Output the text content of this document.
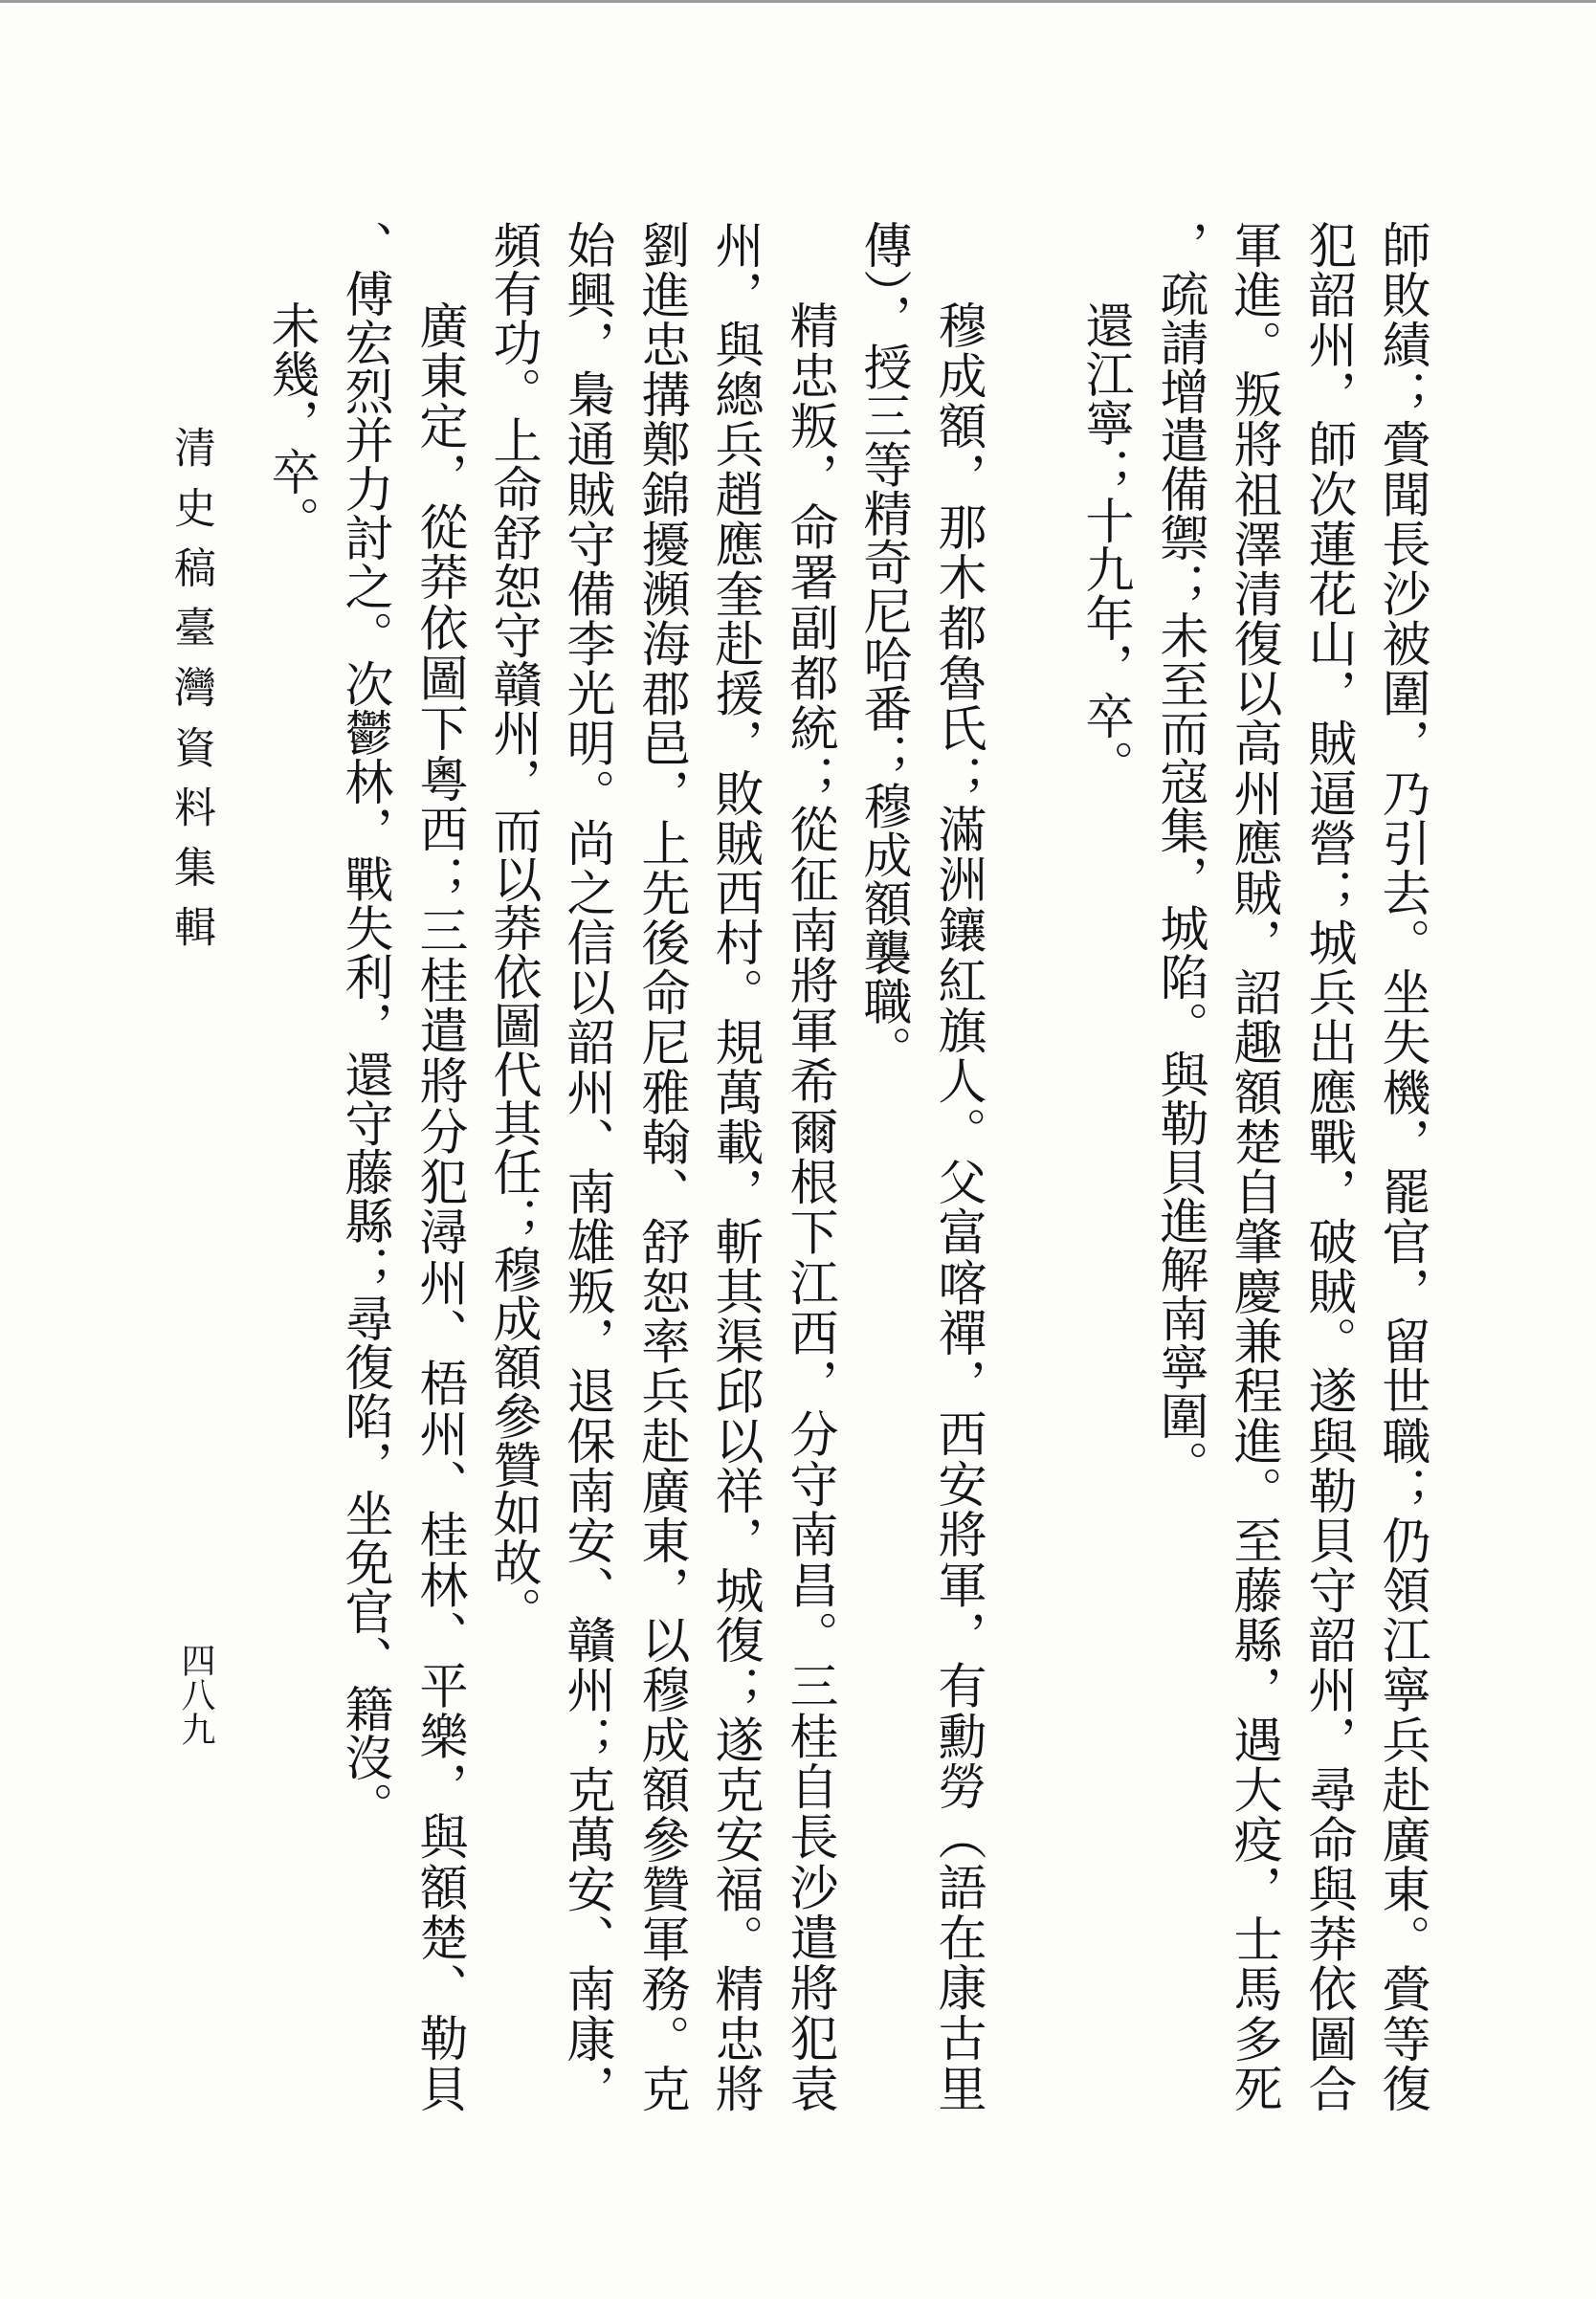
師敗績；賫聞長沙被圍，乃引去。坐失機，罷官，留世職；仍領江寧兵赴廣東。賫等復
犯韶州，師次蓮花山，賊逼營；城兵出應戰，破賊。遂與勒貝守韶州，尋命與莽依圖合
軍進。叛將祖澤清復以高州應賊，詔趣額楚自肇慶兼程進。至藤縣，遇大疫，士馬多死
，疏請增遣備禦；未至而寇集，城陷。與勒貝進解南寧圍。
還江寧；十九年，卒。
穆成額，那木都魯氏；滿洲鑲紅旗人。父富喀禪，西安將軍，有勳勞（語在康古里
傳），授三等精奇尼哈番；穆成額襲職。
精忠叛，命署副都統；從征南將軍希爾根下江西，分守南昌。三桂自長沙遣將犯袁
州，與總兵趙應奎赴援，敗賊西村。規萬載，斬其渠邱以祥，城復；遂克安福。精忠將
劉進忠搆鄭錦擾瀕海郡邑，上先後命尼雅翰、舒恕率兵赴廣東，以穆成額參贊軍務。克
始興，梟通賊守備李光明。尚之信以韶州、南雄叛，退保南安、贛州；克萬安、南康，
頻有功。上命舒恕守贛州，而以莽依圖代其任；穆成額參贊如故。
廣東定，從莽依圖下粵西；三桂遣將分犯潯州、梧州、桂林、平樂，與額楚、勒貝
、傅宏烈并力討之。次鬱林，戰失利，還守藤縣；尋復陷，坐免官、籍沒。
未幾，卒。
清史稿臺灣資料集輯
四八九
